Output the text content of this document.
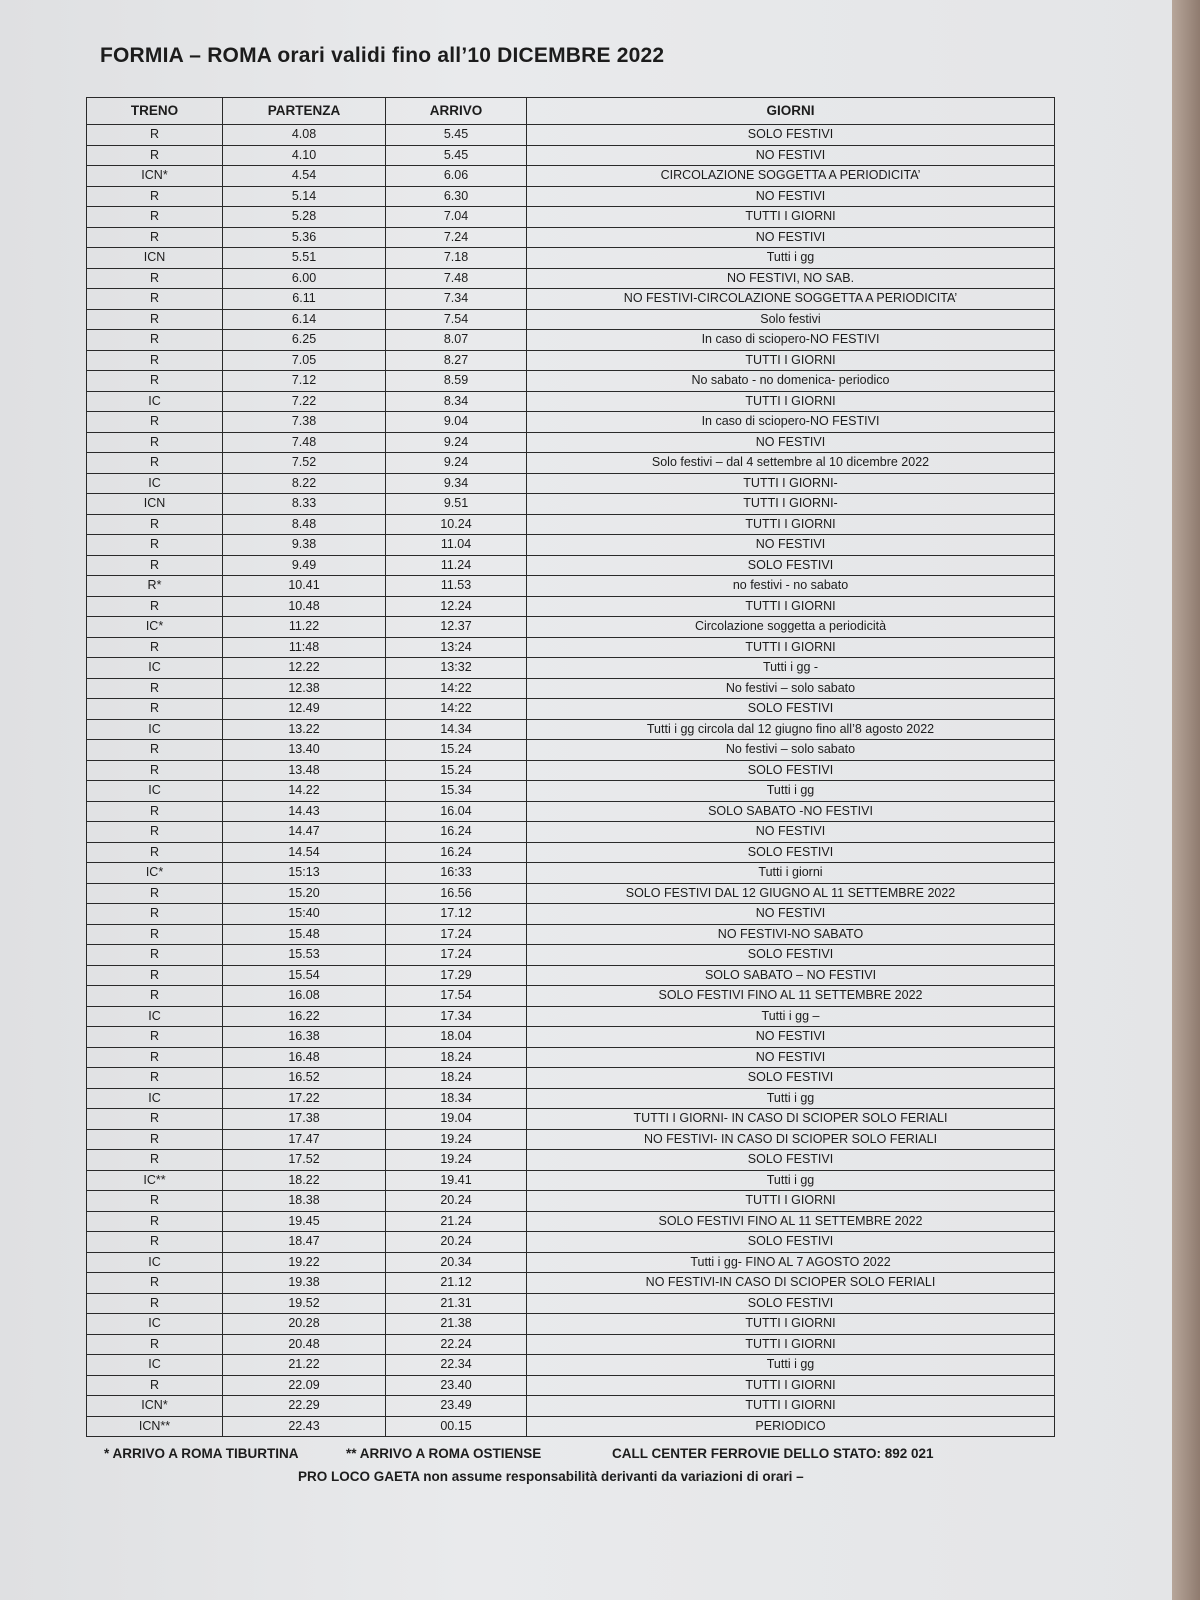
FORMIA – ROMA orari validi fino all’10 DICEMBRE 2022
TRENO	PARTENZA	ARRIVO	GIORNI
R	4.08	5.45	SOLO FESTIVI
R	4.10	5.45	NO FESTIVI
ICN*	4.54	6.06	CIRCOLAZIONE SOGGETTA A PERIODICITA’
R	5.14	6.30	NO FESTIVI
R	5.28	7.04	TUTTI I GIORNI
R	5.36	7.24	NO FESTIVI
ICN	5.51	7.18	Tutti i gg
R	6.00	7.48	NO FESTIVI, NO SAB.
R	6.11	7.34	NO FESTIVI-CIRCOLAZIONE SOGGETTA A PERIODICITA’
R	6.14	7.54	Solo festivi
R	6.25	8.07	In caso di sciopero-NO FESTIVI
R	7.05	8.27	TUTTI I GIORNI
R	7.12	8.59	No sabato - no domenica- periodico
IC	7.22	8.34	TUTTI I GIORNI
R	7.38	9.04	In caso di sciopero-NO FESTIVI
R	7.48	9.24	NO FESTIVI
R	7.52	9.24	Solo festivi – dal 4 settembre al 10 dicembre 2022
IC	8.22	9.34	TUTTI I GIORNI-
ICN	8.33	9.51	TUTTI I GIORNI-
R	8.48	10.24	TUTTI I GIORNI
R	9.38	11.04	NO FESTIVI
R	9.49	11.24	SOLO FESTIVI
R*	10.41	11.53	no festivi - no sabato
R	10.48	12.24	TUTTI I GIORNI
IC*	11.22	12.37	Circolazione soggetta a periodicità
R	11:48	13:24	TUTTI I GIORNI
IC	12.22	13:32	Tutti i gg -
R	12.38	14:22	No festivi – solo sabato
R	12.49	14:22	SOLO FESTIVI
IC	13.22	14.34	Tutti i gg circola dal 12 giugno fino all’8 agosto 2022
R	13.40	15.24	No festivi – solo sabato
R	13.48	15.24	SOLO FESTIVI
IC	14.22	15.34	Tutti i gg
R	14.43	16.04	SOLO SABATO -NO FESTIVI
R	14.47	16.24	NO FESTIVI
R	14.54	16.24	SOLO FESTIVI
IC*	15:13	16:33	Tutti i giorni
R	15.20	16.56	SOLO FESTIVI DAL 12 GIUGNO AL 11 SETTEMBRE 2022
R	15:40	17.12	NO FESTIVI
R	15.48	17.24	NO FESTIVI-NO SABATO
R	15.53	17.24	SOLO FESTIVI
R	15.54	17.29	SOLO SABATO – NO FESTIVI
R	16.08	17.54	SOLO FESTIVI FINO AL 11 SETTEMBRE 2022
IC	16.22	17.34	Tutti i gg –
R	16.38	18.04	NO FESTIVI
R	16.48	18.24	NO FESTIVI
R	16.52	18.24	SOLO FESTIVI
IC	17.22	18.34	Tutti i gg
R	17.38	19.04	TUTTI I GIORNI- IN CASO DI SCIOPER SOLO FERIALI
R	17.47	19.24	NO FESTIVI- IN CASO DI SCIOPER SOLO FERIALI
R	17.52	19.24	SOLO FESTIVI
IC**	18.22	19.41	Tutti i gg
R	18.38	20.24	TUTTI I GIORNI
R	19.45	21.24	SOLO FESTIVI FINO AL 11 SETTEMBRE 2022
R	18.47	20.24	SOLO FESTIVI
IC	19.22	20.34	Tutti i gg- FINO AL 7 AGOSTO 2022
R	19.38	21.12	NO FESTIVI-IN CASO DI SCIOPER SOLO FERIALI
R	19.52	21.31	SOLO FESTIVI
IC	20.28	21.38	TUTTI I GIORNI
R	20.48	22.24	TUTTI I GIORNI
IC	21.22	22.34	Tutti i gg
R	22.09	23.40	TUTTI I GIORNI
ICN*	22.29	23.49	TUTTI I GIORNI
ICN**	22.43	00.15	PERIODICO
* ARRIVO A ROMA TIBURTINA	** ARRIVO A ROMA OSTIENSE	CALL CENTER FERROVIE DELLO STATO: 892 021
PRO LOCO GAETA non assume responsabilità derivanti da variazioni di orari –
